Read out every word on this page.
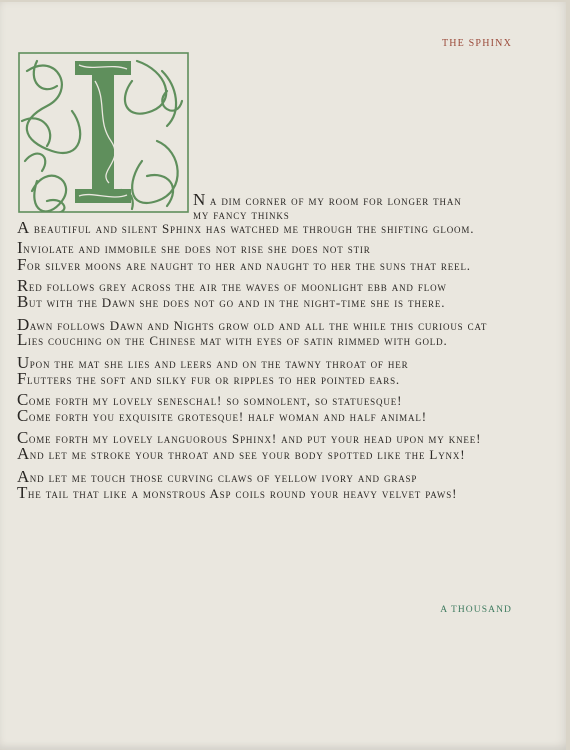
THE SPHINX
N a dim corner of my room for longer than
my fancy thinks
A beautiful and silent Sphinx has watched me through the shifting gloom.
Inviolate and immobile she does not rise she does not stir
For silver moons are naught to her and naught to her the suns that reel.
Red follows grey across the air the waves of moonlight ebb and flow
But with the Dawn she does not go and in the night-time she is there.
Dawn follows Dawn and Nights grow old and all the while this curious cat
Lies couching on the Chinese mat with eyes of satin rimmed with gold.
Upon the mat she lies and leers and on the tawny throat of her
Flutters the soft and silky fur or ripples to her pointed ears.
Come forth my lovely seneschal! so somnolent, so statuesque!
Come forth you exquisite grotesque! half woman and half animal!
Come forth my lovely languorous Sphinx! and put your head upon my knee!
And let me stroke your throat and see your body spotted like the Lynx!
And let me touch those curving claws of yellow ivory and grasp
The tail that like a monstrous Asp coils round your heavy velvet paws!
A THOUSAND
